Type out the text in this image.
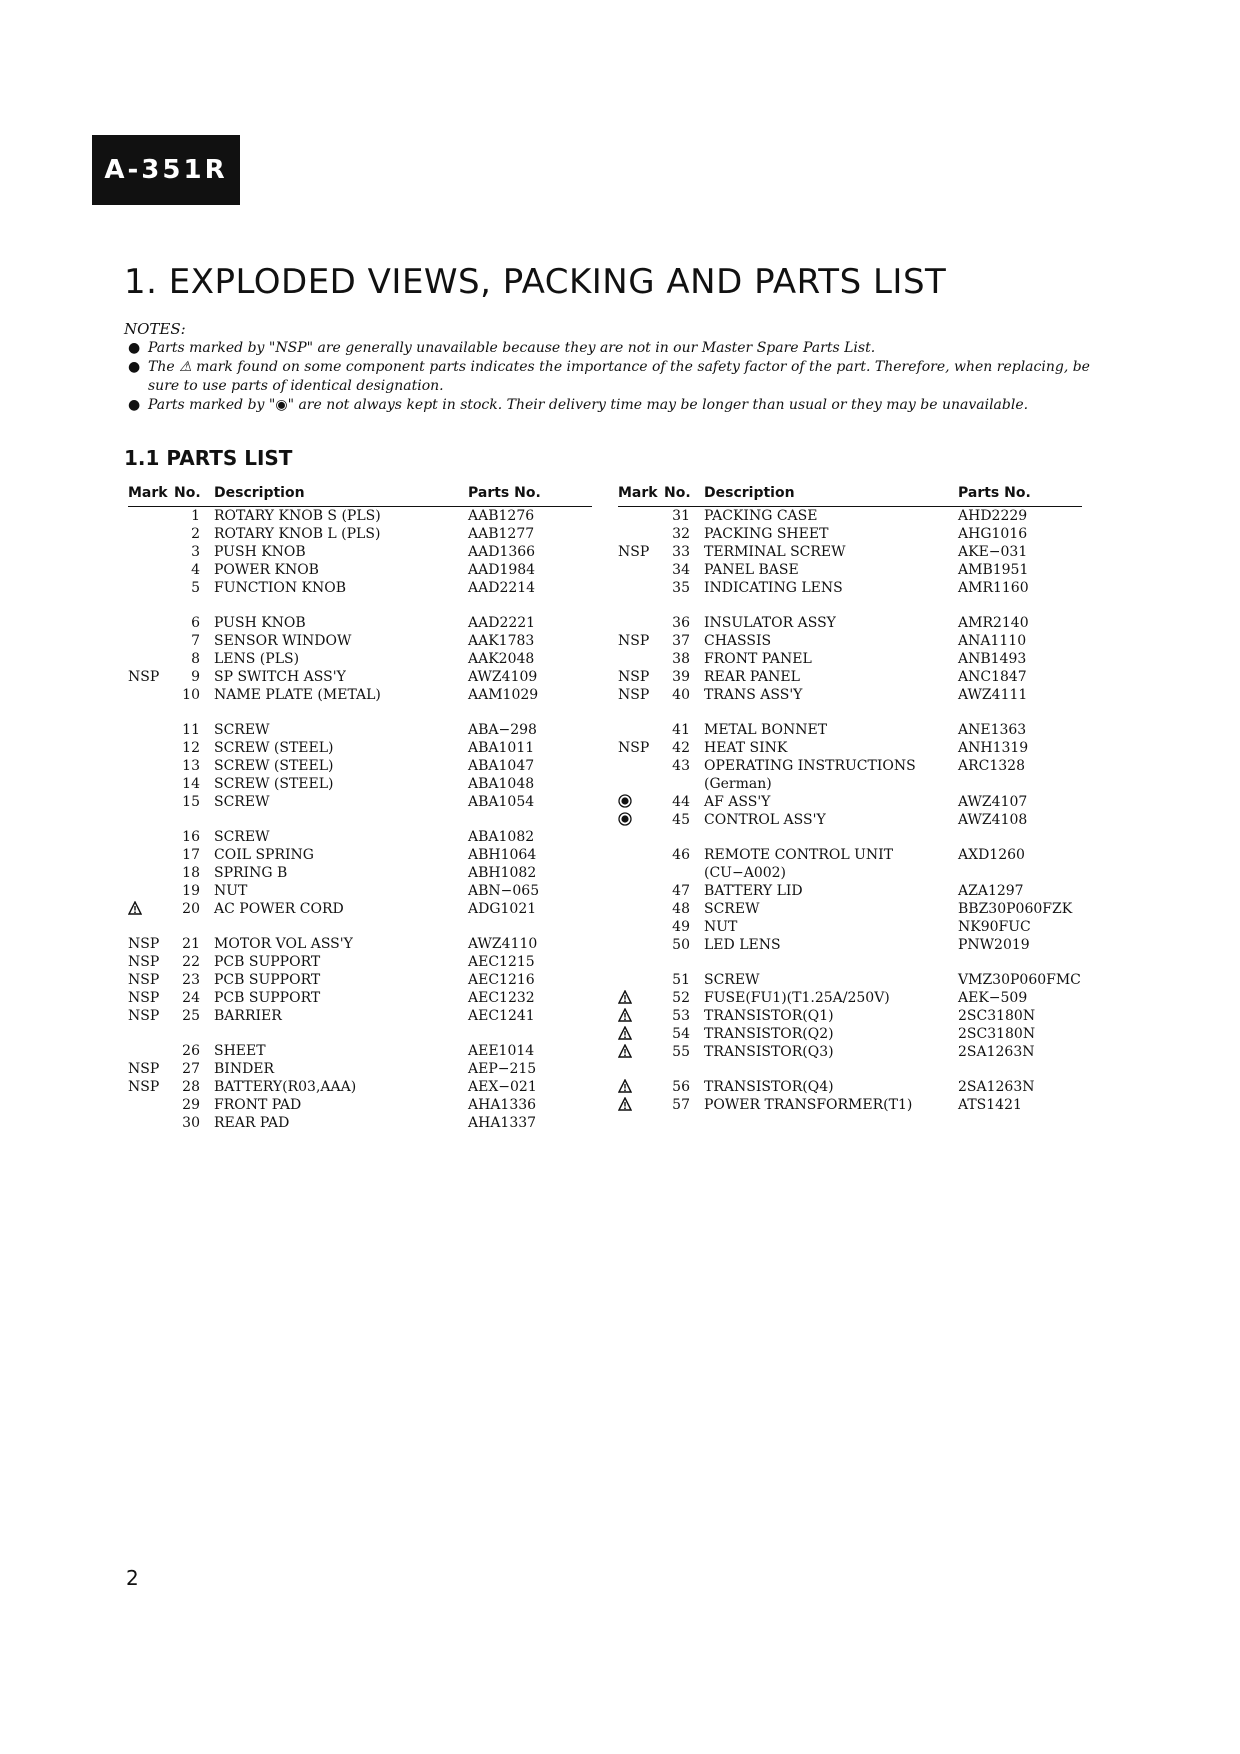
A-351R
1. EXPLODED VIEWS, PACKING AND PARTS LIST
NOTES:
● Parts marked by "NSP" are generally unavailable because they are not in our Master Spare Parts List.
● The ⚠ mark found on some component parts indicates the importance of the safety factor of the part. Therefore, when replacing, be sure to use parts of identical designation.
● Parts marked by "◉" are not always kept in stock. Their delivery time may be longer than usual or they may be unavailable.
1.1 PARTS LIST
Mark	No.	Description	Parts No.
	1	ROTARY KNOB S (PLS)	AAB1276
	2	ROTARY KNOB L (PLS)	AAB1277
	3	PUSH KNOB	AAD1366
	4	POWER KNOB	AAD1984
	5	FUNCTION KNOB	AAD2214
	6	PUSH KNOB	AAD2221
	7	SENSOR WINDOW	AAK1783
	8	LENS (PLS)	AAK2048
NSP	9	SP SWITCH ASS'Y	AWZ4109
	10	NAME PLATE (METAL)	AAM1029
	11	SCREW	ABA−298
	12	SCREW (STEEL)	ABA1011
	13	SCREW (STEEL)	ABA1047
	14	SCREW (STEEL)	ABA1048
	15	SCREW	ABA1054
	16	SCREW	ABA1082
	17	COIL SPRING	ABH1064
	18	SPRING B	ABH1082
	19	NUT	ABN−065
	20	AC POWER CORD	ADG1021
NSP	21	MOTOR VOL ASS'Y	AWZ4110
NSP	22	PCB SUPPORT	AEC1215
NSP	23	PCB SUPPORT	AEC1216
NSP	24	PCB SUPPORT	AEC1232
NSP	25	BARRIER	AEC1241
	26	SHEET	AEE1014
NSP	27	BINDER	AEP−215
NSP	28	BATTERY(R03,AAA)	AEX−021
	29	FRONT PAD	AHA1336
	30	REAR PAD	AHA1337
Mark	No.	Description	Parts No.
	31	PACKING CASE	AHD2229
	32	PACKING SHEET	AHG1016
NSP	33	TERMINAL SCREW	AKE−031
	34	PANEL BASE	AMB1951
	35	INDICATING LENS	AMR1160
	36	INSULATOR ASSY	AMR2140
NSP	37	CHASSIS	ANA1110
	38	FRONT PANEL	ANB1493
NSP	39	REAR PANEL	ANC1847
NSP	40	TRANS ASS'Y	AWZ4111
	41	METAL BONNET	ANE1363
NSP	42	HEAT SINK	ANH1319
	43	OPERATING INSTRUCTIONS	ARC1328
		(German)	
	44	AF ASS'Y	AWZ4107
	45	CONTROL ASS'Y	AWZ4108
	46	REMOTE CONTROL UNIT	AXD1260
		(CU−A002)	
	47	BATTERY LID	AZA1297
	48	SCREW	BBZ30P060FZK
	49	NUT	NK90FUC
	50	LED LENS	PNW2019
	51	SCREW	VMZ30P060FMC
	52	FUSE(FU1)(T1.25A/250V)	AEK−509
	53	TRANSISTOR(Q1)	2SC3180N
	54	TRANSISTOR(Q2)	2SC3180N
	55	TRANSISTOR(Q3)	2SA1263N
	56	TRANSISTOR(Q4)	2SA1263N
	57	POWER TRANSFORMER(T1)	ATS1421
2
